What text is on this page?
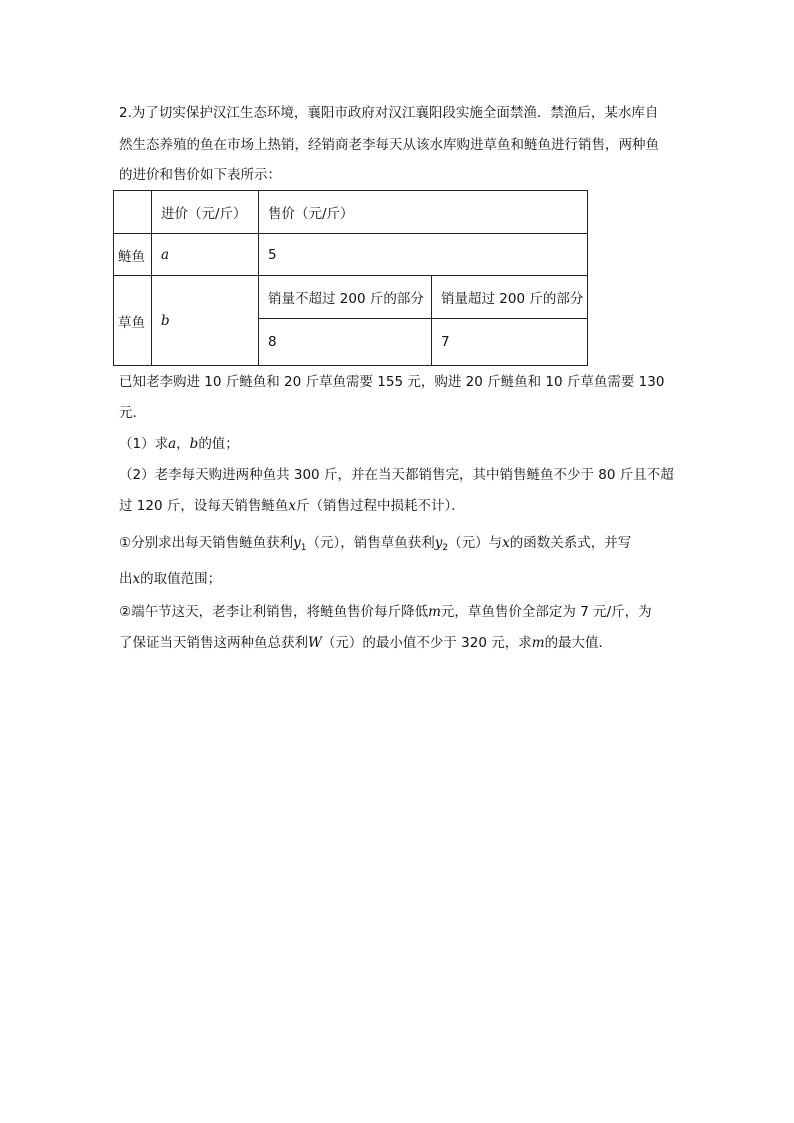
2.为了切实保护汉江生态环境，襄阳市政府对汉江襄阳段实施全面禁渔．禁渔后，某水库自
然生态养殖的鱼在市场上热销，经销商老李每天从该水库购进草鱼和鲢鱼进行销售，两种鱼
的进价和售价如下表所示：
	进价（元/斤）	售价（元/斤）	
鲢鱼	a	5	
草鱼	b	销量不超过 200 斤的部分	销量超过 200 斤的部分
		8	7
已知老李购进 10 斤鲢鱼和 20 斤草鱼需要 155 元，购进 20 斤鲢鱼和 10 斤草鱼需要 130
元．
（1）求a，b的值；
（2）老李每天购进两种鱼共 300 斤，并在当天都销售完，其中销售鲢鱼不少于 80 斤且不超
过 120 斤，设每天销售鲢鱼x斤（销售过程中损耗不计）．
①分别求出每天销售鲢鱼获利$y_1$（元），销售草鱼获利$y_2$（元）与x的函数关系式，并写
出x的取值范围；
②端午节这天，老李让利销售，将鲢鱼售价每斤降低m元，草鱼售价全部定为 7 元/斤，为
了保证当天销售这两种鱼总获利W（元）的最小值不少于 320 元，求m的最大值．
